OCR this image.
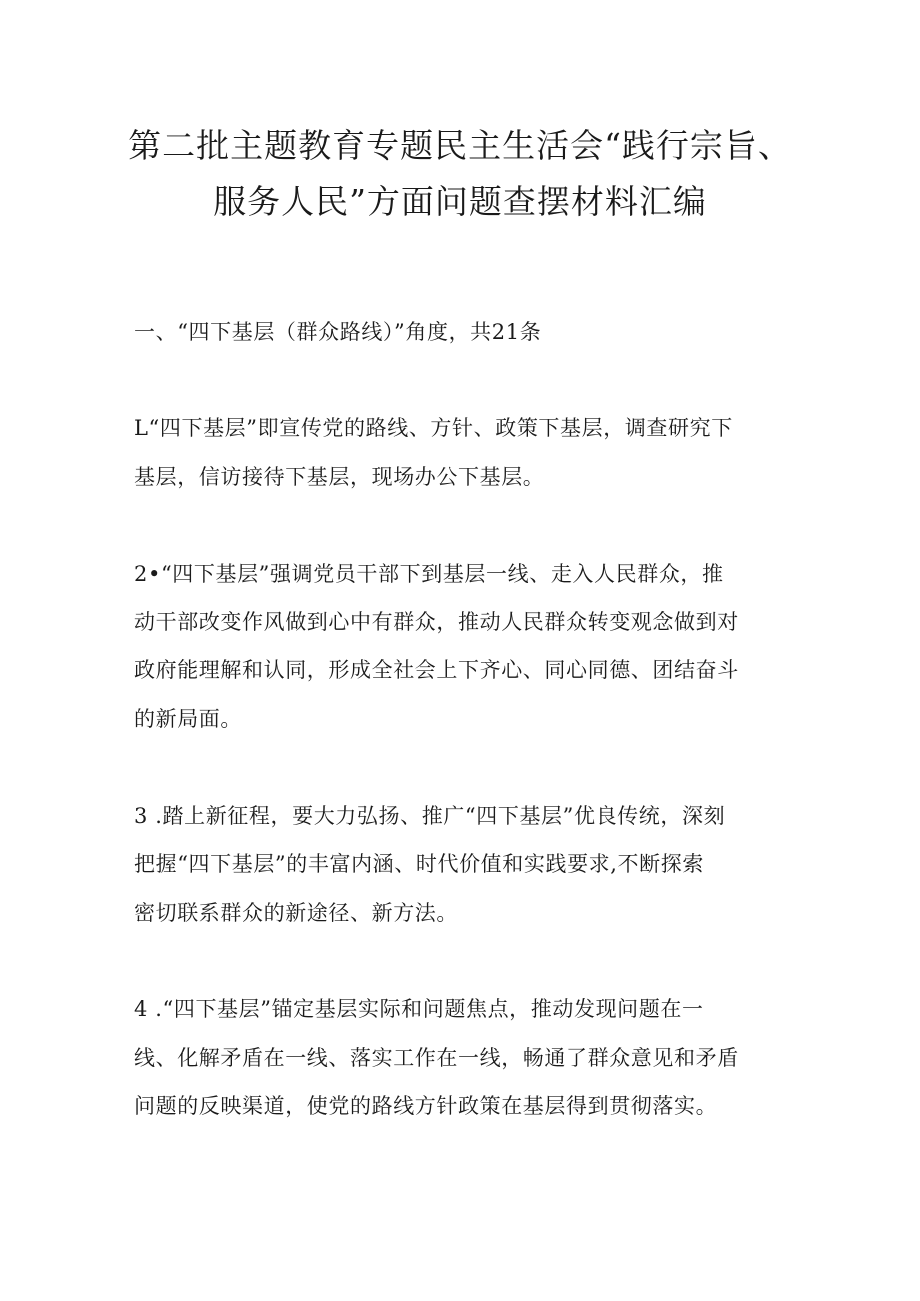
第二批主题教育专题民主生活会“践行宗旨、
服务人民”方面问题查摆材料汇编
一、“四下基层（群众路线）”角度，共21条
L“四下基层”即宣传党的路线、方针、政策下基层，调查研究下
基层，信访接待下基层，现场办公下基层。
2•“四下基层”强调党员干部下到基层一线、走入人民群众，推
动干部改变作风做到心中有群众，推动人民群众转变观念做到对
政府能理解和认同，形成全社会上下齐心、同心同德、团结奋斗
的新局面。
3 .踏上新征程，要大力弘扬、推广“四下基层”优良传统，深刻
把握“四下基层”的丰富内涵、时代价值和实践要求,不断探索
密切联系群众的新途径、新方法。
4 .“四下基层”锚定基层实际和问题焦点，推动发现问题在一
线、化解矛盾在一线、落实工作在一线，畅通了群众意见和矛盾
问题的反映渠道，使党的路线方针政策在基层得到贯彻落实。
